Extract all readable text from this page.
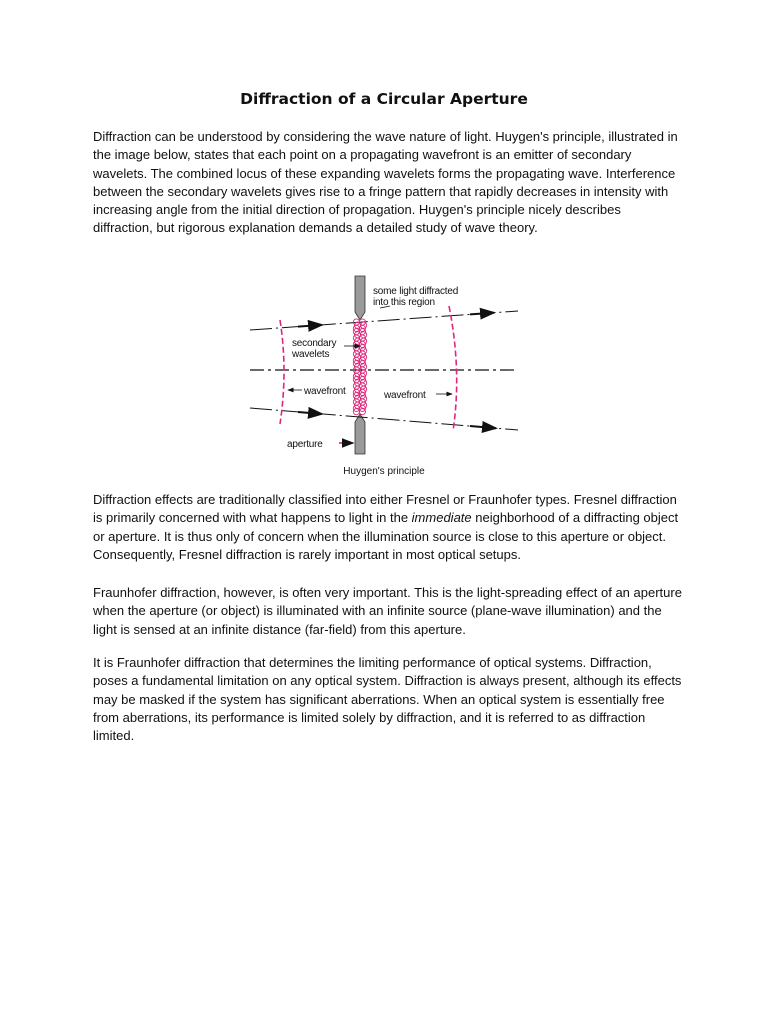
Diffraction of a Circular Aperture

Diffraction can be understood by considering the wave nature of light. Huygen's principle, illustrated in the image below, states that each point on a propagating wavefront is an emitter of secondary wavelets. The combined locus of these expanding wavelets forms the propagating wave. Interference between the secondary wavelets gives rise to a fringe pattern that rapidly decreases in intensity with increasing angle from the initial direction of propagation. Huygen's principle nicely describes diffraction, but rigorous explanation demands a detailed study of wave theory.

some light diffracted
into this region
secondary
wavelets
wavefront	wavefront
aperture

Huygen's principle

Diffraction effects are traditionally classified into either Fresnel or Fraunhofer types. Fresnel diffraction is primarily concerned with what happens to light in the immediate neighborhood of a diffracting object or aperture. It is thus only of concern when the illumination source is close to this aperture or object. Consequently, Fresnel diffraction is rarely important in most optical setups.

Fraunhofer diffraction, however, is often very important. This is the light-spreading effect of an aperture when the aperture (or object) is illuminated with an infinite source (plane-wave illumination) and the light is sensed at an infinite distance (far-field) from this aperture.

It is Fraunhofer diffraction that determines the limiting performance of optical systems. Diffraction, poses a fundamental limitation on any optical system. Diffraction is always present, although its effects may be masked if the system has significant aberrations. When an optical system is essentially free from aberrations, its performance is limited solely by diffraction, and it is referred to as diffraction limited.
